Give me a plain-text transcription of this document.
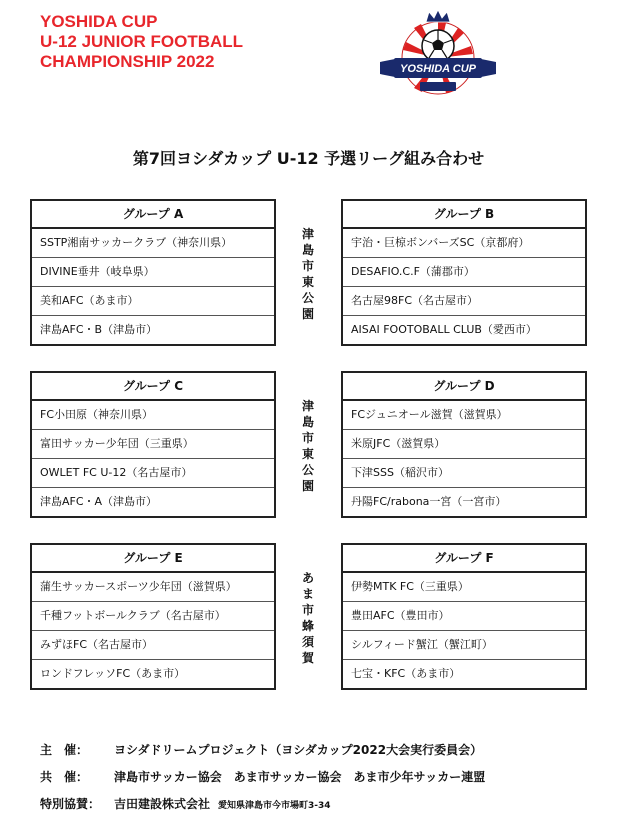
YOSHIDA CUP
U-12 JUNIOR FOOTBALL
CHAMPIONSHIP 2022	YOSHIDA CUP
第7回ヨシダカップ U-12 予選リーグ組み合わせ
グループ A
SSTP湘南サッカークラブ（神奈川県）
DIVINE垂井（岐阜県）
美和AFC（あま市）
津島AFC・B（津島市）
グループ B
宇治・巨椋ボンバーズSC（京都府）
DESAFIO.C.F（蒲郡市）
名古屋98FC（名古屋市）
AISAI FOOTOBALL CLUB（愛西市）
グループ C
FC小田原（神奈川県）
富田サッカー少年団（三重県）
OWLET FC U-12（名古屋市）
津島AFC・A（津島市）
グループ D
FCジュニオール滋賀（滋賀県）
米原JFC（滋賀県）
下津SSS（稲沢市）
丹陽FC/rabona一宮（一宮市）
グループ E
蒲生サッカースポーツ少年団（滋賀県）
千種フットボールクラブ（名古屋市）
みずほFC（名古屋市）
ロンドフレッソFC（あま市）
グループ F
伊勢MTK FC（三重県）
豊田AFC（豊田市）
シルフィード蟹江（蟹江町）
七宝・KFC（あま市）
津
島
市
東
公
園
津
島
市
東
公
園
あ
ま
市
蜂
須
賀
主　催： ヨシダドリームプロジェクト（ヨシダカップ2022大会実行委員会）
共　催： 津島市サッカー協会　あま市サッカー協会　あま市少年サッカー連盟
特別協賛： 吉田建設株式会社 愛知県津島市今市場町3-34
